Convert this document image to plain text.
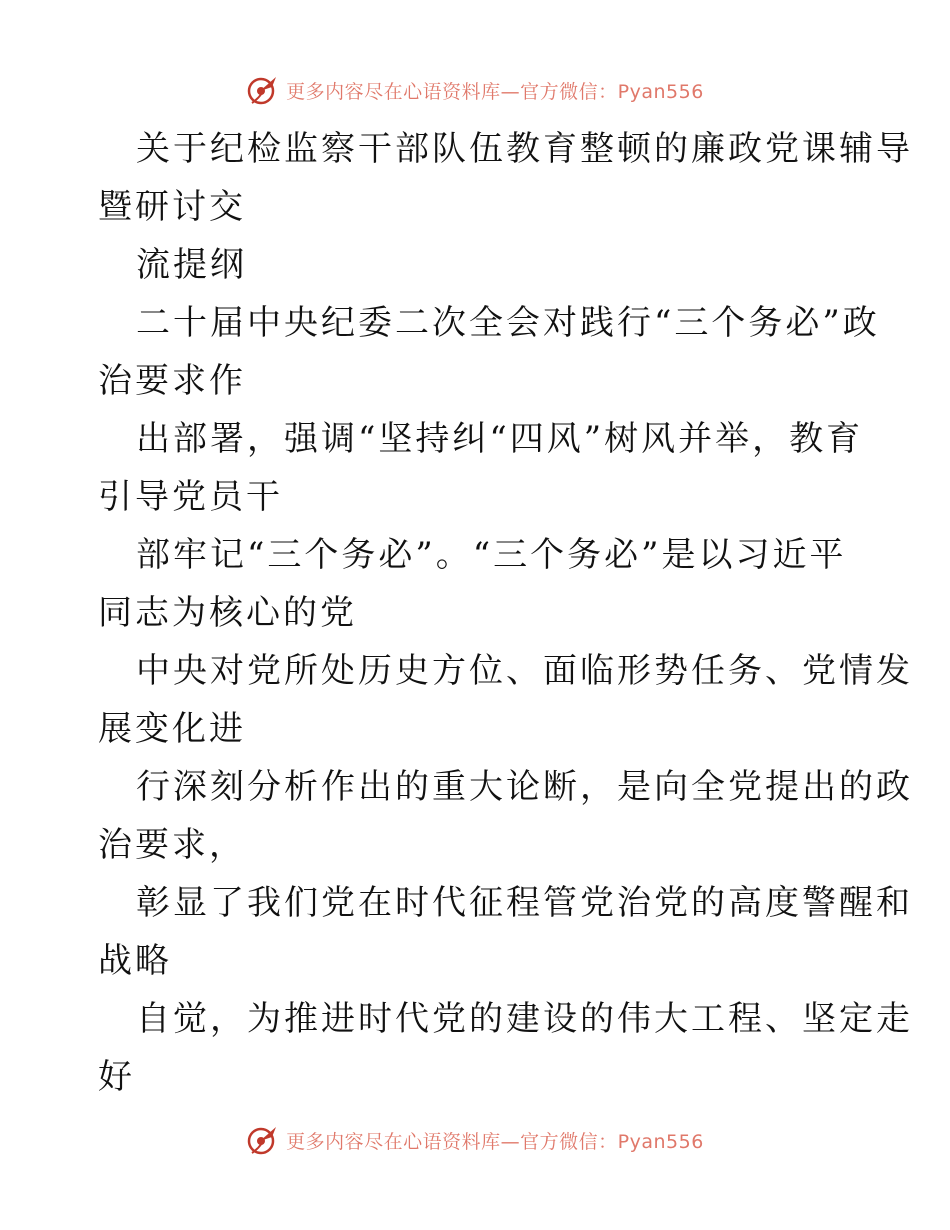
更多内容尽在心语资料库—官方微信：Pyan556

关于纪检监察干部队伍教育整顿的廉政党课辅导
暨研讨交

流提纲

二十届中央纪委二次全会对践行“三个务必”政
治要求作

出部署，强调“坚持纠“四风”树风并举，教育
引导党员干

部牢记“三个务必”。“三个务必”是以习近平
同志为核心的党

中央对党所处历史方位、面临形势任务、党情发
展变化进

行深刻分析作出的重大论断，是向全党提出的政
治要求，

彰显了我们党在时代征程管党治党的高度警醒和
战略

自觉，为推进时代党的建设的伟大工程、坚定走
好

更多内容尽在心语资料库—官方微信：Pyan556
